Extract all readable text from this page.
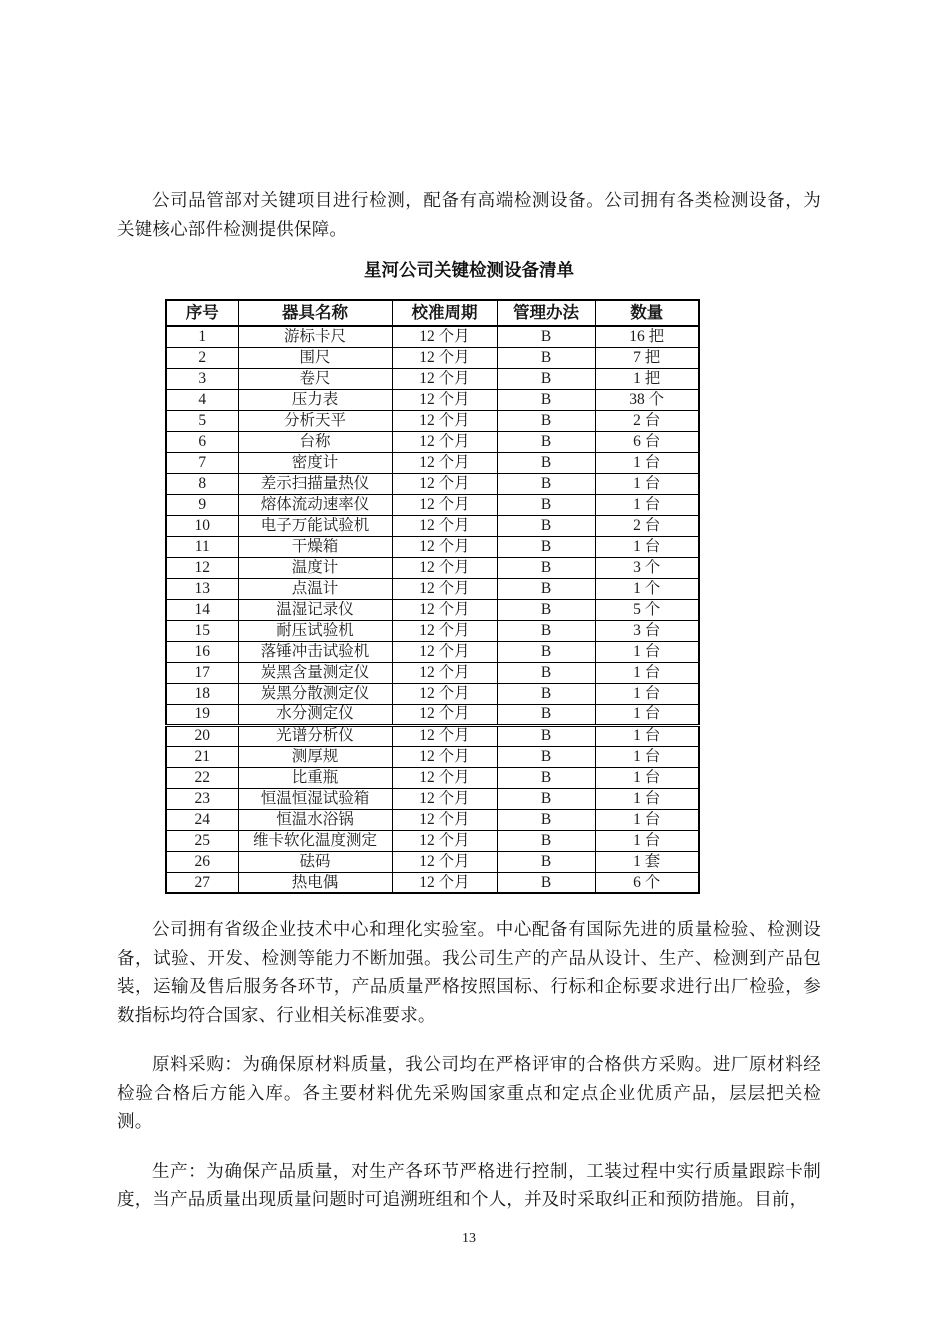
公司品管部对关键项目进行检测，配备有高端检测设备。公司拥有各类检测设备，为关键核心部件检测提供保障。

星河公司关键检测设备清单
序号	器具名称	校准周期	管理办法	数量
1	游标卡尺	12 个月	B	16 把
2	围尺	12 个月	B	7 把
3	卷尺	12 个月	B	1 把
4	压力表	12 个月	B	38 个
5	分析天平	12 个月	B	2 台
6	台称	12 个月	B	6 台
7	密度计	12 个月	B	1 台
8	差示扫描量热仪	12 个月	B	1 台
9	熔体流动速率仪	12 个月	B	1 台
10	电子万能试验机	12 个月	B	2 台
11	干燥箱	12 个月	B	1 台
12	温度计	12 个月	B	3 个
13	点温计	12 个月	B	1 个
14	温湿记录仪	12 个月	B	5 个
15	耐压试验机	12 个月	B	3 台
16	落锤冲击试验机	12 个月	B	1 台
17	炭黑含量测定仪	12 个月	B	1 台
18	炭黑分散测定仪	12 个月	B	1 台
19	水分测定仪	12 个月	B	1 台
20	光谱分析仪	12 个月	B	1 台
21	测厚规	12 个月	B	1 台
22	比重瓶	12 个月	B	1 台
23	恒温恒湿试验箱	12 个月	B	1 台
24	恒温水浴锅	12 个月	B	1 台
25	维卡软化温度测定	12 个月	B	1 台
26	砝码	12 个月	B	1 套
27	热电偶	12 个月	B	6 个

公司拥有省级企业技术中心和理化实验室。中心配备有国际先进的质量检验、检测设备，试验、开发、检测等能力不断加强。我公司生产的产品从设计、生产、检测到产品包装，运输及售后服务各环节，产品质量严格按照国标、行标和企标要求进行出厂检验，参数指标均符合国家、行业相关标准要求。

原料采购：为确保原材料质量，我公司均在严格评审的合格供方采购。进厂原材料经检验合格后方能入库。各主要材料优先采购国家重点和定点企业优质产品，层层把关检测。

生产：为确保产品质量，对生产各环节严格进行控制，工装过程中实行质量跟踪卡制度，当产品质量出现质量问题时可追溯班组和个人，并及时采取纠正和预防措施。目前，

13
